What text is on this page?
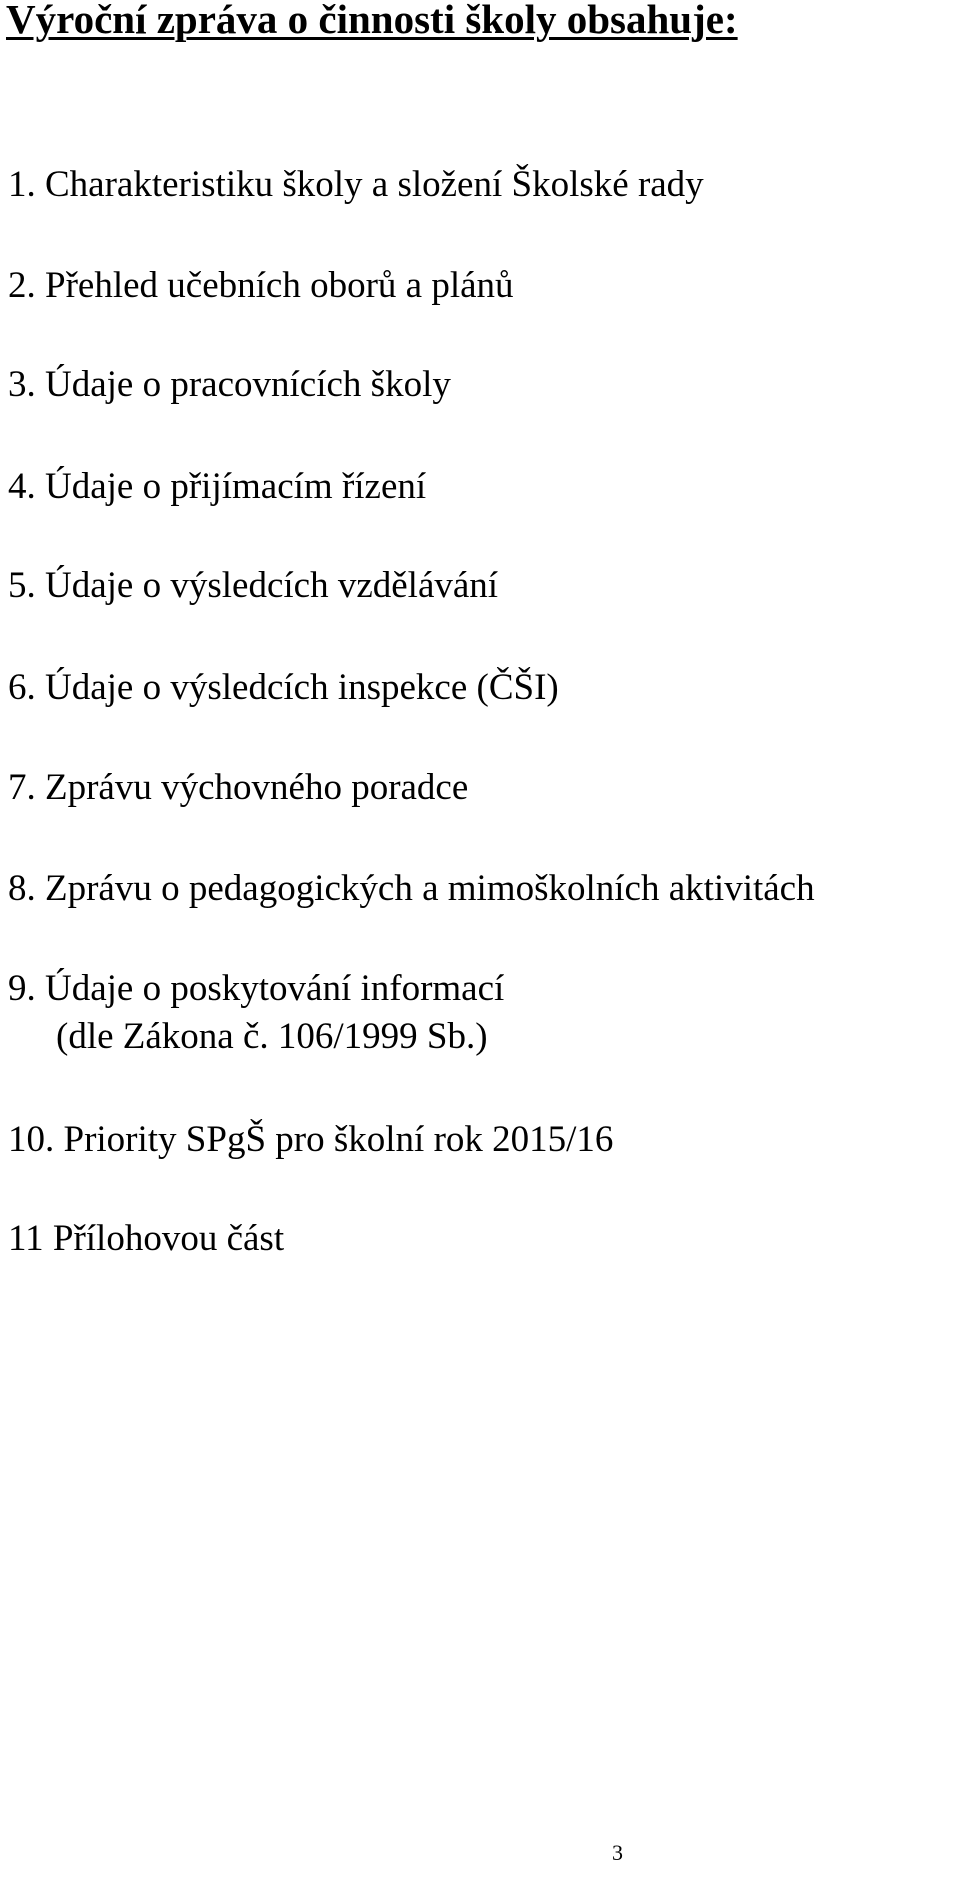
Výroční zpráva o činnosti školy obsahuje:

1. Charakteristiku školy a složení Školské rady

2. Přehled učebních oborů a plánů

3. Údaje o pracovnících školy

4. Údaje o přijímacím řízení

5. Údaje o výsledcích vzdělávání

6. Údaje o výsledcích inspekce (ČŠI)

7. Zprávu výchovného poradce

8. Zprávu o pedagogických a mimoškolních aktivitách

9. Údaje o poskytování informací

(dle Zákona č. 106/1999 Sb.)

10. Priority SPgŠ pro školní rok 2015/16

11 Přílohovou část

3
